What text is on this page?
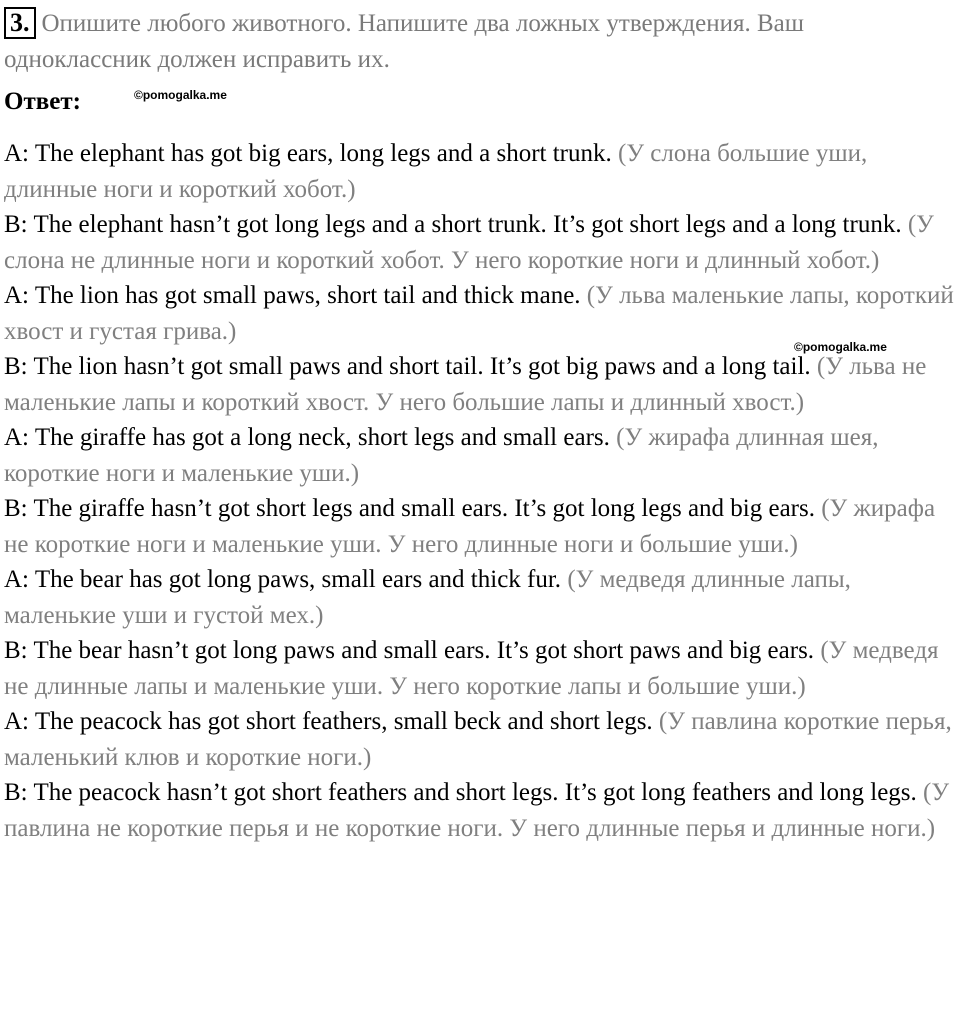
3. Опишите любого животного. Напишите два ложных утверждения. Ваш одноклассник должен исправить их.
Ответ:	©pomogalka.me
©pomogalka.me

A: The elephant has got big ears, long legs and a short trunk. (У слона большие уши, длинные ноги и короткий хобот.)

B: The elephant hasn’t got long legs and a short trunk. It’s got short legs and a long trunk. (У слона не длинные ноги и короткий хобот. У него короткие ноги и длинный хобот.)

A: The lion has got small paws, short tail and thick mane. (У льва маленькие лапы, короткий хвост и густая грива.)

B: The lion hasn’t got small paws and short tail. It’s got big paws and a long tail. (У льва не маленькие лапы и короткий хвост. У него большие лапы и длинный хвост.)

A: The giraffe has got a long neck, short legs and small ears. (У жирафа длинная шея, короткие ноги и маленькие уши.)

B: The giraffe hasn’t got short legs and small ears. It’s got long legs and big ears. (У жирафа не короткие ноги и маленькие уши. У него длинные ноги и большие уши.)

A: The bear has got long paws, small ears and thick fur. (У медведя длинные лапы, маленькие уши и густой мех.)

B: The bear hasn’t got long paws and small ears. It’s got short paws and big ears. (У медведя не длинные лапы и маленькие уши. У него короткие лапы и большие уши.)

A: The peacock has got short feathers, small beck and short legs. (У павлина короткие перья, маленький клюв и короткие ноги.)

B: The peacock hasn’t got short feathers and short legs. It’s got long feathers and long legs. (У павлина не короткие перья и не короткие ноги. У него длинные перья и длинные ноги.)
